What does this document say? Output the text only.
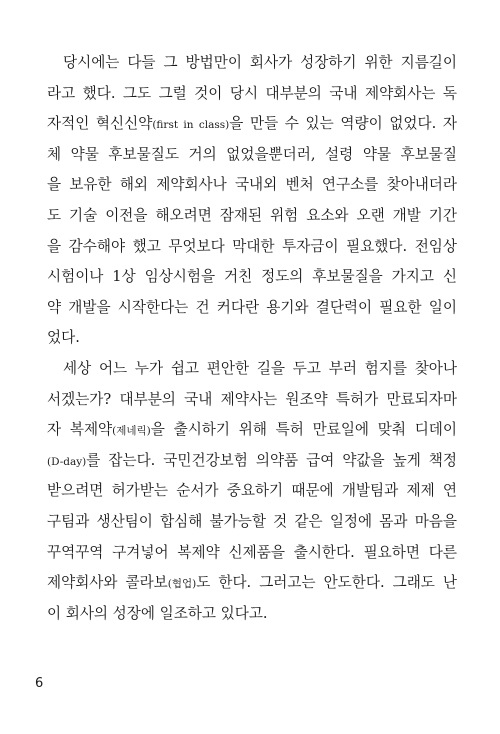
당시에는 다들 그 방법만이 회사가 성장하기 위한 지름길이
라고 했다. 그도 그럴 것이 당시 대부분의 국내 제약회사는 독
자적인 혁신신약(first in class)을 만들 수 있는 역량이 없었다. 자
체 약물 후보물질도 거의 없었을뿐더러, 설령 약물 후보물질
을 보유한 해외 제약회사나 국내외 벤처 연구소를 찾아내더라
도 기술 이전을 해오려면 잠재된 위험 요소와 오랜 개발 기간
을 감수해야 했고 무엇보다 막대한 투자금이 필요했다. 전임상
시험이나 1상 임상시험을 거친 정도의 후보물질을 가지고 신
약 개발을 시작한다는 건 커다란 용기와 결단력이 필요한 일이
었다.
세상 어느 누가 쉽고 편안한 길을 두고 부러 험지를 찾아나
서겠는가? 대부분의 국내 제약사는 원조약 특허가 만료되자마
자 복제약(제네릭)을 출시하기 위해 특허 만료일에 맞춰 디데이
(D-day)를 잡는다. 국민건강보험 의약품 급여 약값을 높게 책정
받으려면 허가받는 순서가 중요하기 때문에 개발팀과 제제 연
구팀과 생산팀이 합심해 불가능할 것 같은 일정에 몸과 마음을
꾸역꾸역 구겨넣어 복제약 신제품을 출시한다. 필요하면 다른
제약회사와 콜라보(협업)도 한다. 그러고는 안도한다. 그래도 난
이 회사의 성장에 일조하고 있다고.
6
